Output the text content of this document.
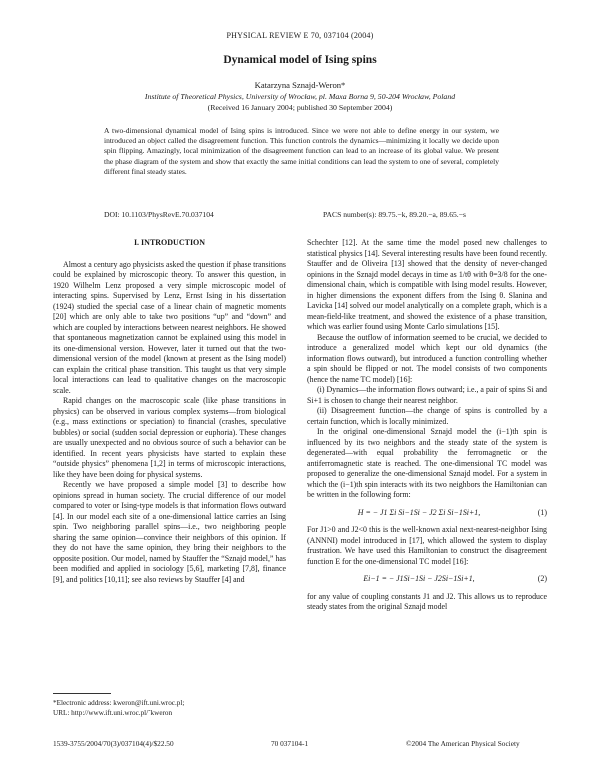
PHYSICAL REVIEW E 70, 037104 (2004)
Dynamical model of Ising spins
Katarzyna Sznajd-Weron*
Institute of Theoretical Physics, University of Wrocław, pl. Maxa Borna 9, 50-204 Wrocław, Poland
(Received 16 January 2004; published 30 September 2004)
A two-dimensional dynamical model of Ising spins is introduced. Since we were not able to define energy in our system, we introduced an object called the disagreement function. This function controls the dynamics—minimizing it locally we decide upon spin flipping. Amazingly, local minimization of the disagreement function can lead to an increase of its global value. We present the phase diagram of the system and show that exactly the same initial conditions can lead the system to one of several, completely different final steady states.
DOI: 10.1103/PhysRevE.70.037104	PACS number(s): 89.75.−k, 89.20.−a, 89.65.−s
I. INTRODUCTION

Almost a century ago physicists asked the question if phase transitions could be explained by microscopic theory. To answer this question, in 1920 Wilhelm Lenz proposed a very simple microscopic model of interacting spins. Supervised by Lenz, Ernst Ising in his dissertation (1924) studied the special case of a linear chain of magnetic moments [20] which are only able to take two positions “up” and “down” and which are coupled by interactions between nearest neighbors. He showed that spontaneous magnetization cannot be explained using this model in its one-dimensional version. However, later it turned out that the two-dimensional version of the model (known at present as the Ising model) can explain the critical phase transition. This taught us that very simple local interactions can lead to qualitative changes on the macroscopic scale.

Rapid changes on the macroscopic scale (like phase transitions in physics) can be observed in various complex systems—from biological (e.g., mass extinctions or speciation) to financial (crashes, speculative bubbles) or social (sudden social depression or euphoria). These changes are usually unexpected and no obvious source of such a behavior can be identified. In recent years physicists have started to explain these “outside physics” phenomena [1,2] in terms of microscopic interactions, like they have been doing for physical systems.

Recently we have proposed a simple model [3] to describe how opinions spread in human society. The crucial difference of our model compared to voter or Ising-type models is that information flows outward [4]. In our model each site of a one-dimensional lattice carries an Ising spin. Two neighboring parallel spins—i.e., two neighboring people sharing the same opinion—convince their neighbors of this opinion. If they do not have the same opinion, they bring their neighbors to the opposite position. Our model, named by Stauffer the “Sznajd model,” has been modified and applied in sociology [5,6], marketing [7,8], finance [9], and politics [10,11]; see also reviews by Stauffer [4] and

Schechter [12]. At the same time the model posed new challenges to statistical physics [14]. Several interesting results have been found recently. Stauffer and de Oliveira [13] showed that the density of never-changed opinions in the Sznajd model decays in time as 1/tθ with θ=3/8 for the one-dimensional chain, which is compatible with Ising model results. However, in higher dimensions the exponent differs from the Ising θ. Slanina and Lavicka [14] solved our model analytically on a complete graph, which is a mean-field-like treatment, and showed the existence of a phase transition, which was earlier found using Monte Carlo simulations [15].

Because the outflow of information seemed to be crucial, we decided to introduce a generalized model which kept our old dynamics (the information flows outward), but introduced a function controlling whether a spin should be flipped or not. The model consists of two components (hence the name TC model) [16]:

(i) Dynamics—the information flows outward; i.e., a pair of spins Si and Si+1 is chosen to change their nearest neighbor.

(ii) Disagreement function—the change of spins is controlled by a certain function, which is locally minimized.

In the original one-dimensional Sznajd model the (i−1)th spin is influenced by its two neighbors and the steady state of the system is degenerated—with equal probability the ferromagnetic or the antiferromagnetic state is reached. The one-dimensional TC model was proposed to generalize the one-dimensional Sznajd model. For a system in which the (i−1)th spin interacts with its two neighbors the Hamiltonian can be written in the following form:

H = − J1 Σi Si−1Si − J2 Σi Si−1Si+1,	(1)

For J1>0 and J2<0 this is the well-known axial next-nearest-neighbor Ising (ANNNI) model introduced in [17], which allowed the system to display frustration. We have used this Hamiltonian to construct the disagreement function E for the one-dimensional TC model [16]:

Ei−1 = − J1Si−1Si − J2Si−1Si+1,	(2)

for any value of coupling constants J1 and J2. This allows us to reproduce steady states from the original Sznajd model

*Electronic address: kweron@ift.uni.wroc.pl;
URL: http://www.ift.uni.wroc.pl/˜kweron
1539-3755/2004/70(3)/037104(4)/$22.50	70 037104-1	©2004 The American Physical Society
